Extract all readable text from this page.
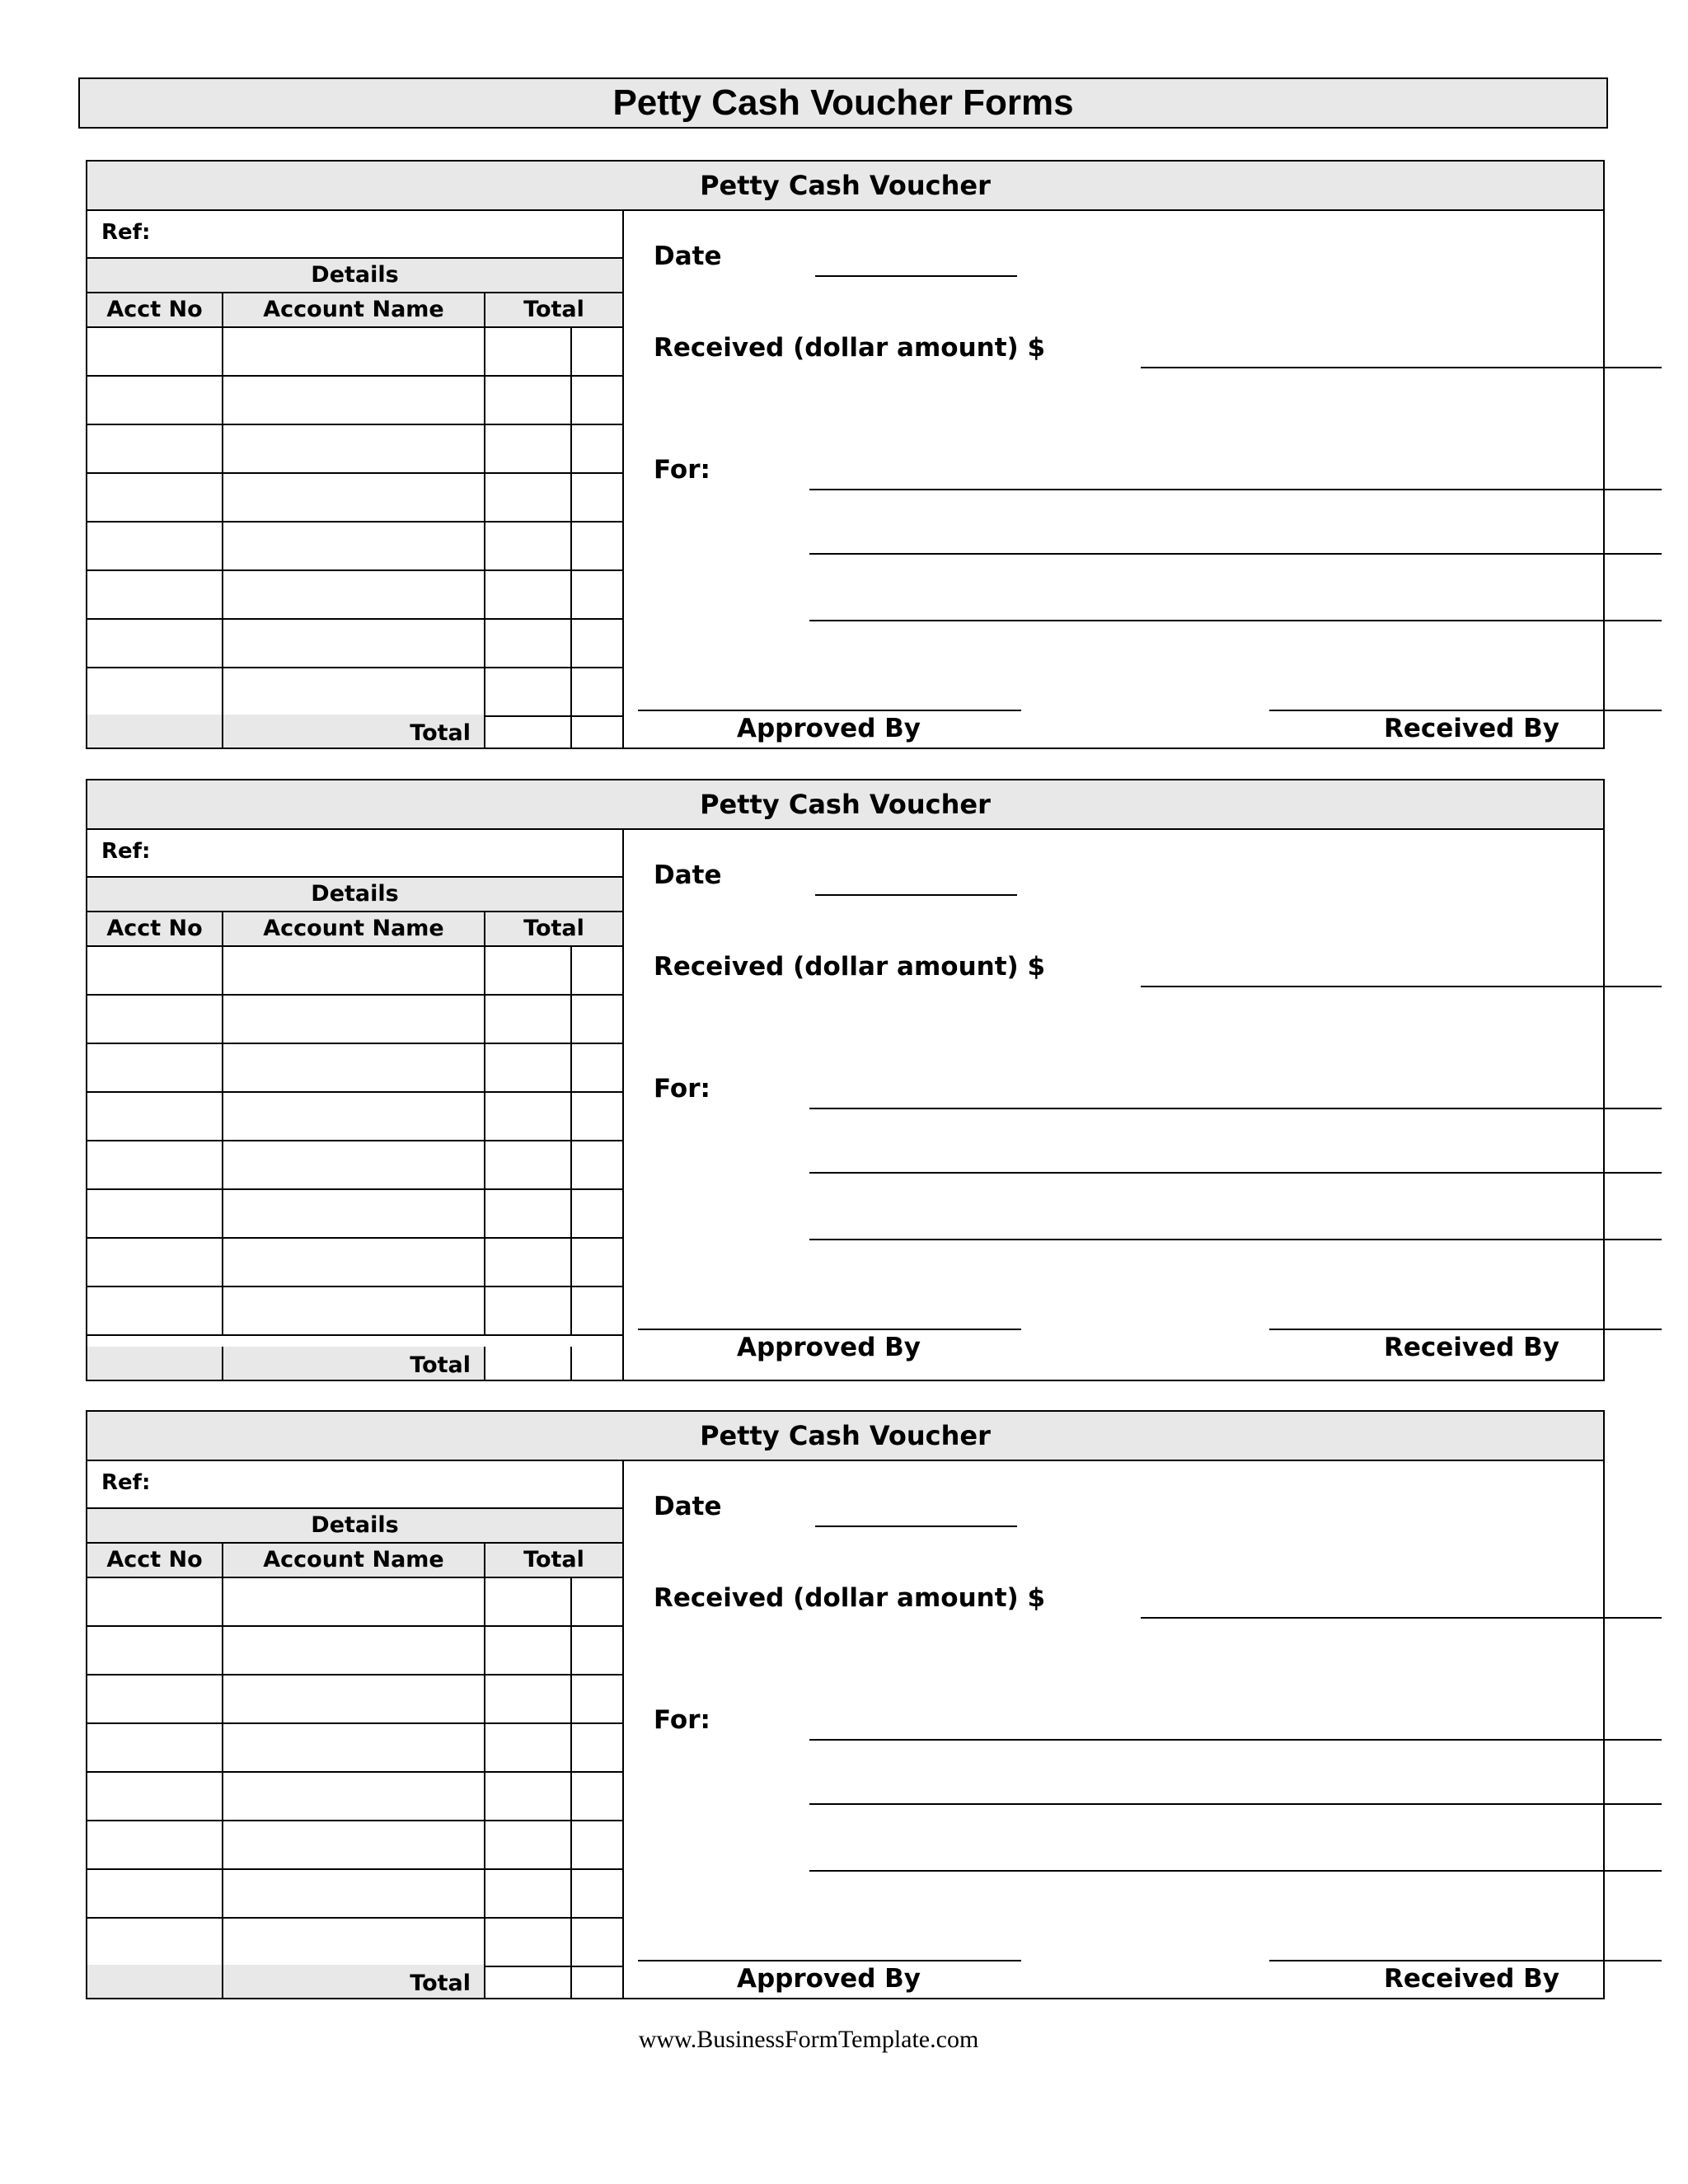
Petty Cash Voucher Forms
Petty Cash Voucher
Ref:
Details
Acct No	Account Name	Total
Total
Date
Received (dollar amount) $
For:
Approved By	Received By
Petty Cash Voucher
Ref:
Details
Acct No	Account Name	Total
Total
Date
Received (dollar amount) $
For:
Approved By	Received By
Petty Cash Voucher
Ref:
Details
Acct No	Account Name	Total
Total
Date
Received (dollar amount) $
For:
Approved By	Received By
www.BusinessFormTemplate.com
